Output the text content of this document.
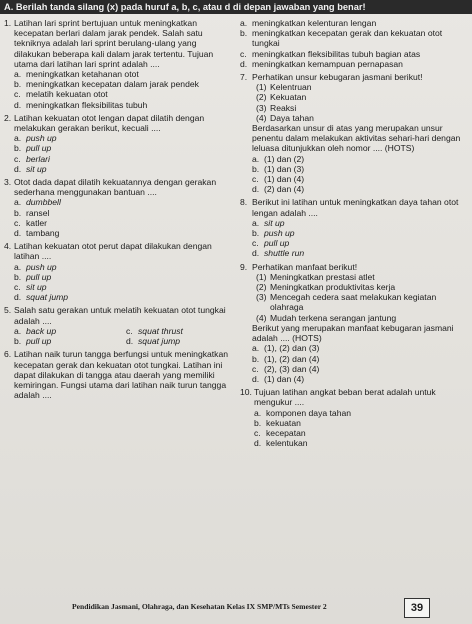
A. Berilah tanda silang (x) pada huruf a, b, c, atau d di depan jawaban yang benar!
1. Latihan lari sprint bertujuan untuk meningkatkan kecepatan berlari dalam jarak pendek. Salah satu tekniknya adalah lari sprint berulang-ulang yang dilakukan beberapa kali dalam jarak tertentu. Tujuan utama dari latihan lari sprint adalah ....
a. meningkatkan ketahanan otot
b. meningkatkan kecepatan dalam jarak pendek
c. melatih kekuatan otot
d. meningkatkan fleksibilitas tubuh
2. Latihan kekuatan otot lengan dapat dilatih dengan melakukan gerakan berikut, kecuali ....
a. push up
b. pull up
c. berlari
d. sit up
3. Otot dada dapat dilatih kekuatannya dengan gerakan sederhana menggunakan bantuan ....
a. dumbbell
b. ransel
c. katler
d. tambang
4. Latihan kekuatan otot perut dapat dilakukan dengan latihan ....
a. push up
b. pull up
c. sit up
d. squat jump
5. Salah satu gerakan untuk melatih kekuatan otot tungkai adalah ....
a. back up	c. squat thrust
b. pull up	d. squat jump
6. Latihan naik turun tangga berfungsi untuk meningkatkan kecepatan gerak dan kekuatan otot tungkai. Latihan ini dapat dilakukan di tangga atau daerah yang memiliki kemiringan. Fungsi utama dari latihan naik turun tangga adalah ....
a. meningkatkan kelenturan lengan
b. meningkatkan kecepatan gerak dan kekuatan otot tungkai
c. meningkatkan fleksibilitas tubuh bagian atas
d. meningkatkan kemampuan pernapasan
7. Perhatikan unsur kebugaran jasmani berikut!
(1) Kelentruan
(2) Kekuatan
(3) Reaksi
(4) Daya tahan
Berdasarkan unsur di atas yang merupakan unsur penentu dalam melakukan aktivitas sehari-hari dengan leluasa ditunjukkan oleh nomor .... (HOTS)
a. (1) dan (2)
b. (1) dan (3)
c. (1) dan (4)
d. (2) dan (4)
8. Berikut ini latihan untuk meningkatkan daya tahan otot lengan adalah ....
a. sit up
b. push up
c. pull up
d. shuttle run
9. Perhatikan manfaat berikut!
(1) Meningkatkan prestasi atlet
(2) Meningkatkan produktivitas kerja
(3) Mencegah cedera saat melakukan kegiatan olahraga
(4) Mudah terkena serangan jantung
Berikut yang merupakan manfaat kebugaran jasmani adalah .... (HOTS)
a. (1), (2) dan (3)
b. (1), (2) dan (4)
c. (2), (3) dan (4)
d. (1) dan (4)
10. Tujuan latihan angkat beban berat adalah untuk mengukur ....
a. komponen daya tahan
b. kekuatan
c. kecepatan
d. kelentukan
Pendidikan Jasmani, Olahraga, dan Kesehatan Kelas IX SMP/MTs Semester 2	39
